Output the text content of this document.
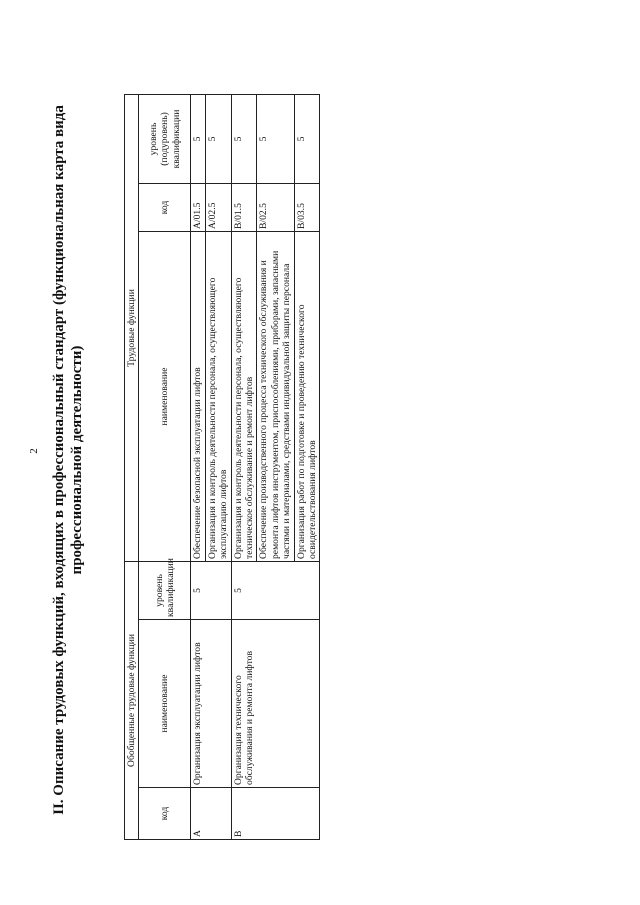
2 II. Описание трудовых функций, входящих в профессиональный стандарт (функциональная карта вида профессиональной деятельности)
Обобщенные трудовые функции			Трудовые функции		
код	наименование	уровень квалификации	наименование	код	уровень (подуровень) квалификации
А	Организация эксплуатации лифтов	5	Обеспечение безопасной эксплуатации лифтов	А/01.5	5
			Организация и контроль деятельности персонала, осуществляющего эксплуатацию лифтов	А/02.5	5
В	Организация технического обслуживания и ремонта лифтов	5	Организация и контроль деятельности персонала, осуществляющего техническое обслуживание и ремонт лифтов	В/01.5	5
			Обеспечение производственного процесса технического обслуживания и ремонта лифтов инструментом, приспособлениями, приборами, запасными частями и материалами, средствами индивидуальной защиты персонала	В/02.5	5
			Организация работ по подготовке и проведению технического освидетельствования лифтов	В/03.5	5
